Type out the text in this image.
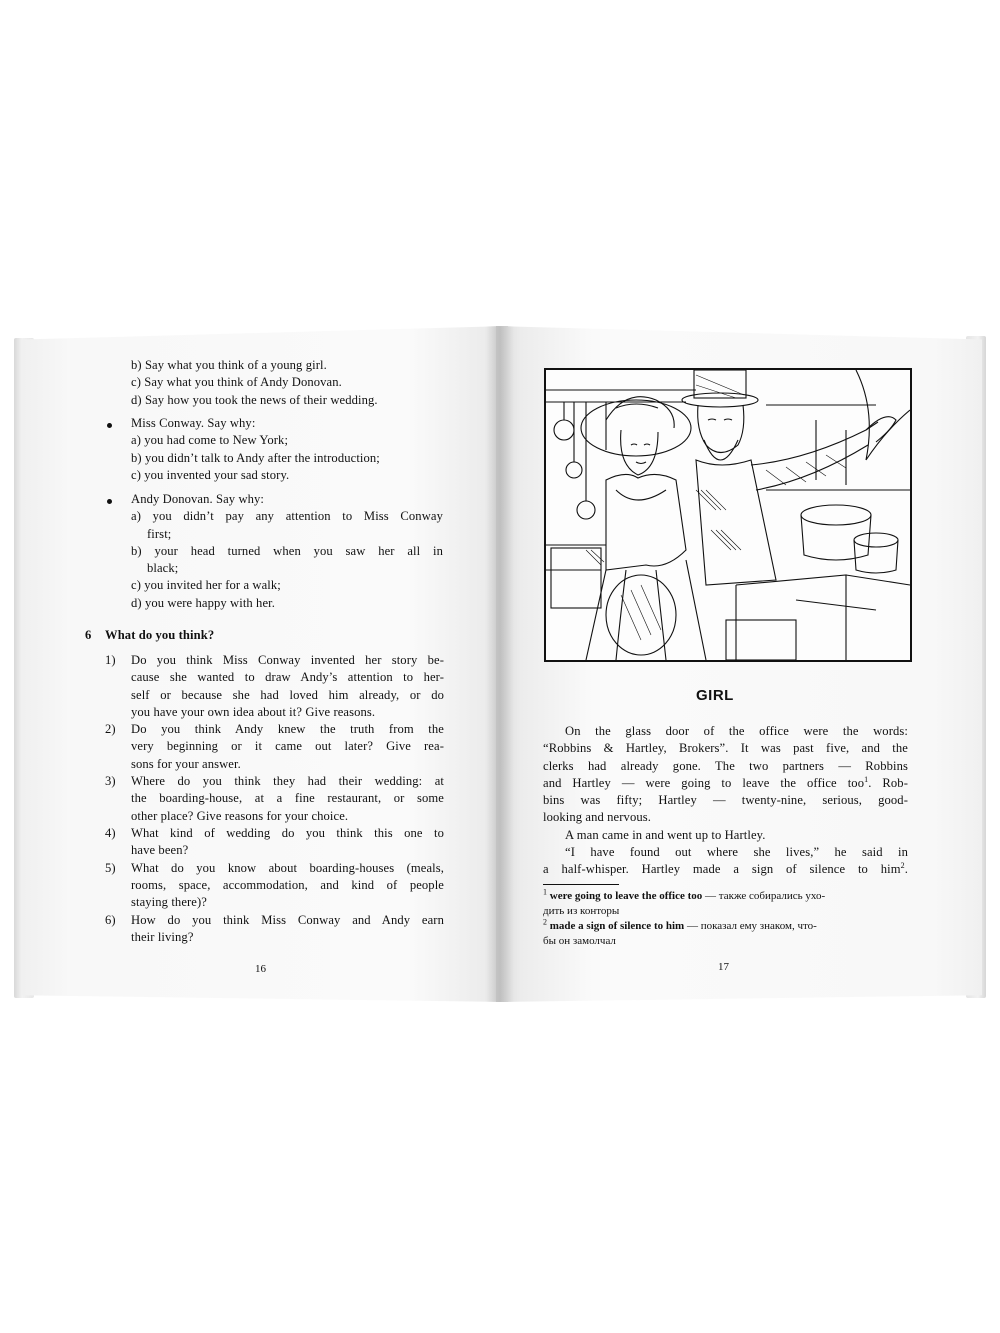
b) Say what you think of a young girl.
c) Say what you think of Andy Donovan.
d) Say how you took the news of their wedding.
Miss Conway. Say why:
a) you had come to New York;
b) you didn’t talk to Andy after the introduction;
c) you invented your sad story.
Andy Donovan. Say why:
a) you didn’t pay any attention to Miss Conway
first;
b) your head turned when you saw her all in
black;
c) you invited her for a walk;
d) you were happy with her.
6 What do you think?
1) Do you think Miss Conway invented her story be-
cause she wanted to draw Andy’s attention to her-
self or because she had loved him already, or do
you have your own idea about it? Give reasons.
2) Do you think Andy knew the truth from the
very beginning or it came out later? Give rea-
sons for your answer.
3) Where do you think they had their wedding: at
the boarding-house, at a fine restaurant, or some
other place? Give reasons for your choice.
4) What kind of wedding do you think this one to
have been?
5) What do you know about boarding-houses (meals,
rooms, space, accommodation, and kind of people
staying there)?
6) How do you think Miss Conway and Andy earn
their living?
16
GIRL
On the glass door of the office were the words:
“Robbins & Hartley, Brokers”. It was past five, and the
clerks had already gone. The two partners — Robbins
and Hartley — were going to leave the office too$^1$. Rob-
bins was fifty; Hartley — twenty-nine, serious, good-
looking and nervous.
A man came in and went up to Hartley.
“I have found out where she lives,” he said in
a half-whisper. Hartley made a sign of silence to him$^2$.
$^1$ were going to leave the office too — также собирались ухо-
дить из конторы
$^2$ made a sign of silence to him — показал ему знаком, что-
бы он замолчал
17
